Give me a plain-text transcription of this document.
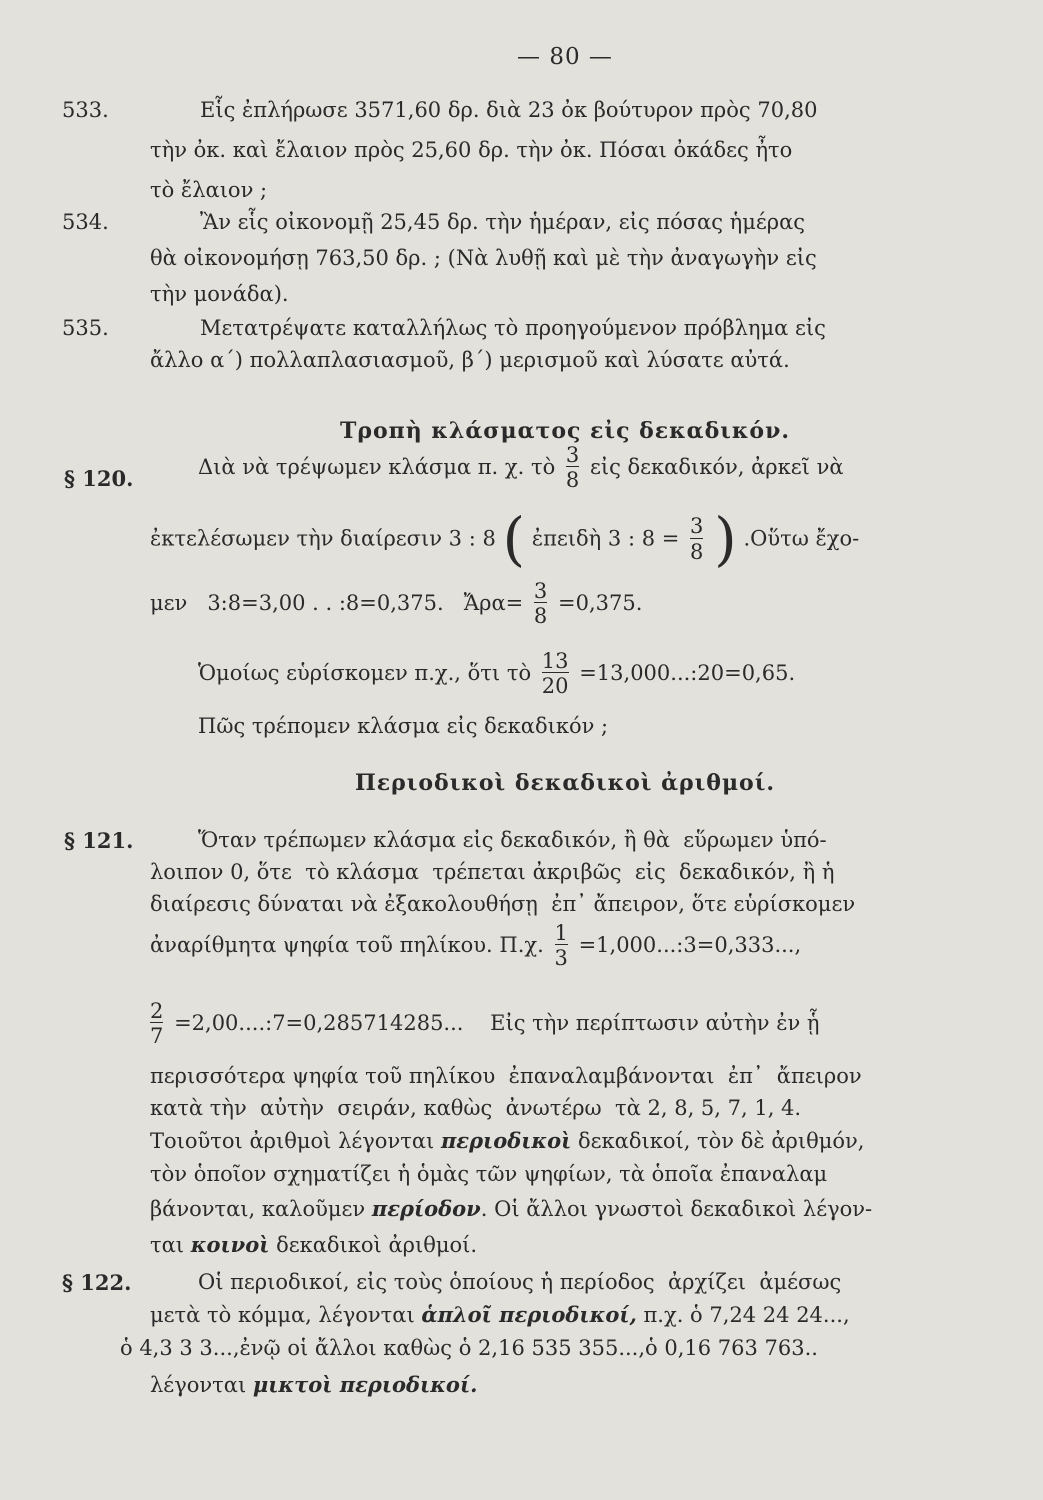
— 80 —
533.	Εἷς ἐπλήρωσε 3571,60 δρ. διὰ 23 ὀκ βούτυρον πρὸς 70,80
τὴν ὀκ. καὶ ἔλαιον πρὸς 25,60 δρ. τὴν ὀκ. Πόσαι ὀκάδες ἦτο
τὸ ἔλαιον ;
534.	Ἂν εἷς οἰκονομῇ 25,45 δρ. τὴν ἡμέραν, εἰς πόσας ἡμέρας
θὰ οἰκονομήσῃ 763,50 δρ. ; (Νὰ λυθῇ καὶ μὲ τὴν ἀναγωγὴν εἰς
τὴν μονάδα).
535.	Μετατρέψατε καταλλήλως τὸ προηγούμενον πρόβλημα εἰς
ἄλλο α΄) πολλαπλασιασμοῦ, β΄) μερισμοῦ καὶ λύσατε αὐτά.
Τροπὴ κλάσματος εἰς δεκαδικόν.
§ 120.	Διὰ νὰ τρέψωμεν κλάσμα π. χ. τὸ $\frac{3}{8}$ εἰς δεκαδικόν, ἀρκεῖ νὰ
ἐκτελέσωμεν τὴν διαίρεσιν 3 : 8 ( ἐπειδὴ 3 : $8 = \frac{3}{8}$ ) .Οὕτω ἔχο-
μεν   3:8=3,00 . . :8=0,375.   Ἄρα= $\frac{3}{8} =0,375$.
Ὁμοίως εὑρίσκομεν π.χ., ὅτι τὸ $\frac{13}{20}$ =13,000...:20=0,65.
Πῶς τρέπομεν κλάσμα εἰς δεκαδικόν ;
Περιοδικοὶ δεκαδικοὶ ἀριθμοί.
§ 121.	Ὅταν τρέπωμεν κλάσμα εἰς δεκαδικόν, ἢ θὰ  εὕρωμεν ὑπό-
λοιπον 0, ὅτε  τὸ κλάσμα  τρέπεται ἀκριβῶς  εἰς  δεκαδικόν, ἢ ἡ
διαίρεσις δύναται νὰ ἐξακολουθήσῃ  ἐπ᾿ ἄπειρον, ὅτε εὑρίσκομεν
ἀναρίθμητα ψηφία τοῦ πηλίκου. Π.χ. $\frac{1}{3}$ =1,000...:3=0,333...,
$\frac{2}{7}$ =2,00....:7=0,285714285... Εἰς τὴν περίπτωσιν αὐτὴν ἐν ᾗ
περισσότερα ψηφία τοῦ πηλίκου  ἐπαναλαμβάνονται  ἐπ᾿  ἄπειρον
κατὰ τὴν  αὐτὴν  σειράν, καθὼς  ἀνωτέρω  τὰ 2, 8, 5, 7, 1, 4.
Τοιοῦτοι ἀριθμοὶ λέγονται περιοδικοὶ δεκαδικοί, τὸν δὲ ἀριθμόν,
τὸν ὁποῖον σχηματίζει ἡ ὁμὰς τῶν ψηφίων, τὰ ὁποῖα ἐπαναλαμ
βάνονται, καλοῦμεν περίοδον. Οἱ ἄλλοι γνωστοὶ δεκαδικοὶ λέγον-
ται κοινοὶ δεκαδικοὶ ἀριθμοί.
§ 122.	Οἱ περιοδικοί, εἰς τοὺς ὁποίους ἡ περίοδος  ἀρχίζει  ἀμέσως
μετὰ τὸ κόμμα, λέγονται ἁπλοῖ περιοδικοί, π.χ. ὁ 7,24 24 24...,
ὁ 4,3 3 3...,ἐνῷ οἱ ἄλλοι καθὼς ὁ 2,16 535 355...,ὁ 0,16 763 763..
λέγονται μικτοὶ περιοδικοί.
